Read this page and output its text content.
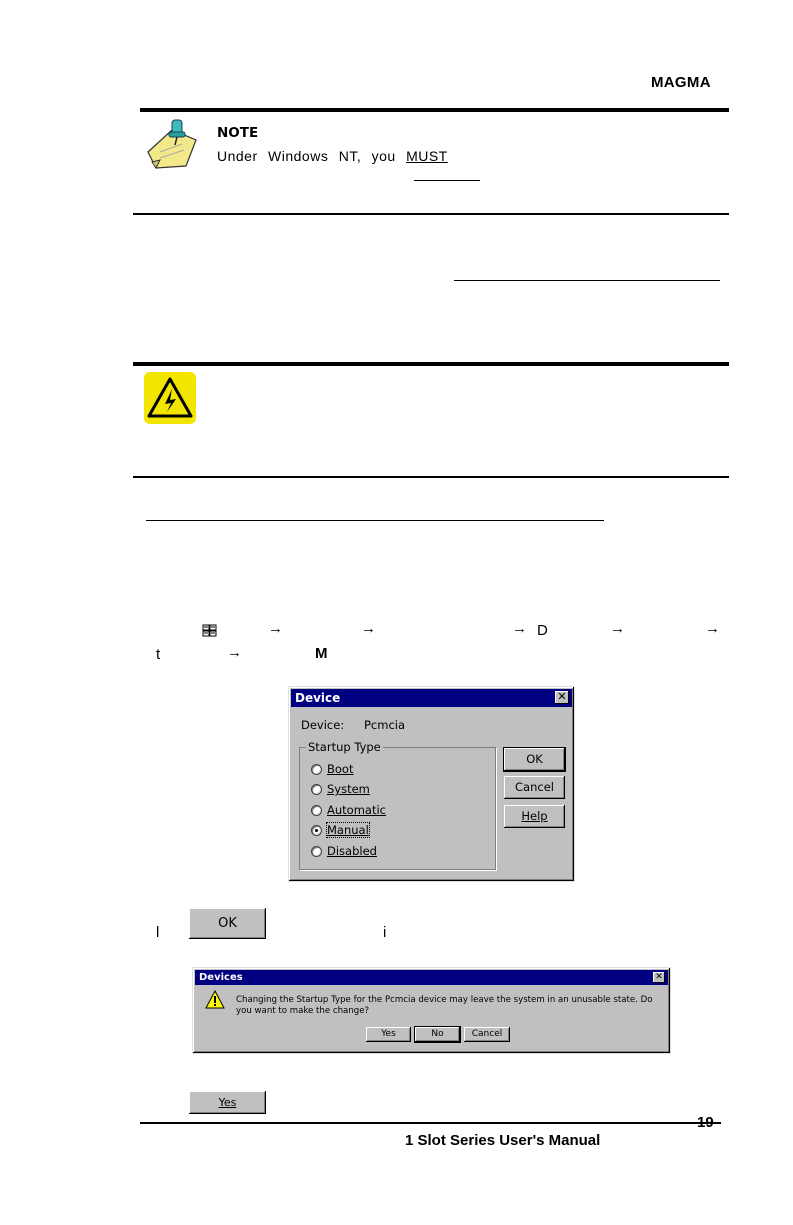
MAGMA
NOTE
Under Windows NT, you MUST
→	→	→ D	→	→
t	→	M
Device	✕
Device: Pcmcia
Startup Type
Boot
System
Automatic
Manual
Disabled
OK
Cancel
Help
l
OK
i
Devices	✕
Changing the Startup Type for the Pcmcia device may leave the system in an unusable state. Do you want to make the change?
Yes	No	Cancel
Yes
19
1 Slot Series User's Manual
